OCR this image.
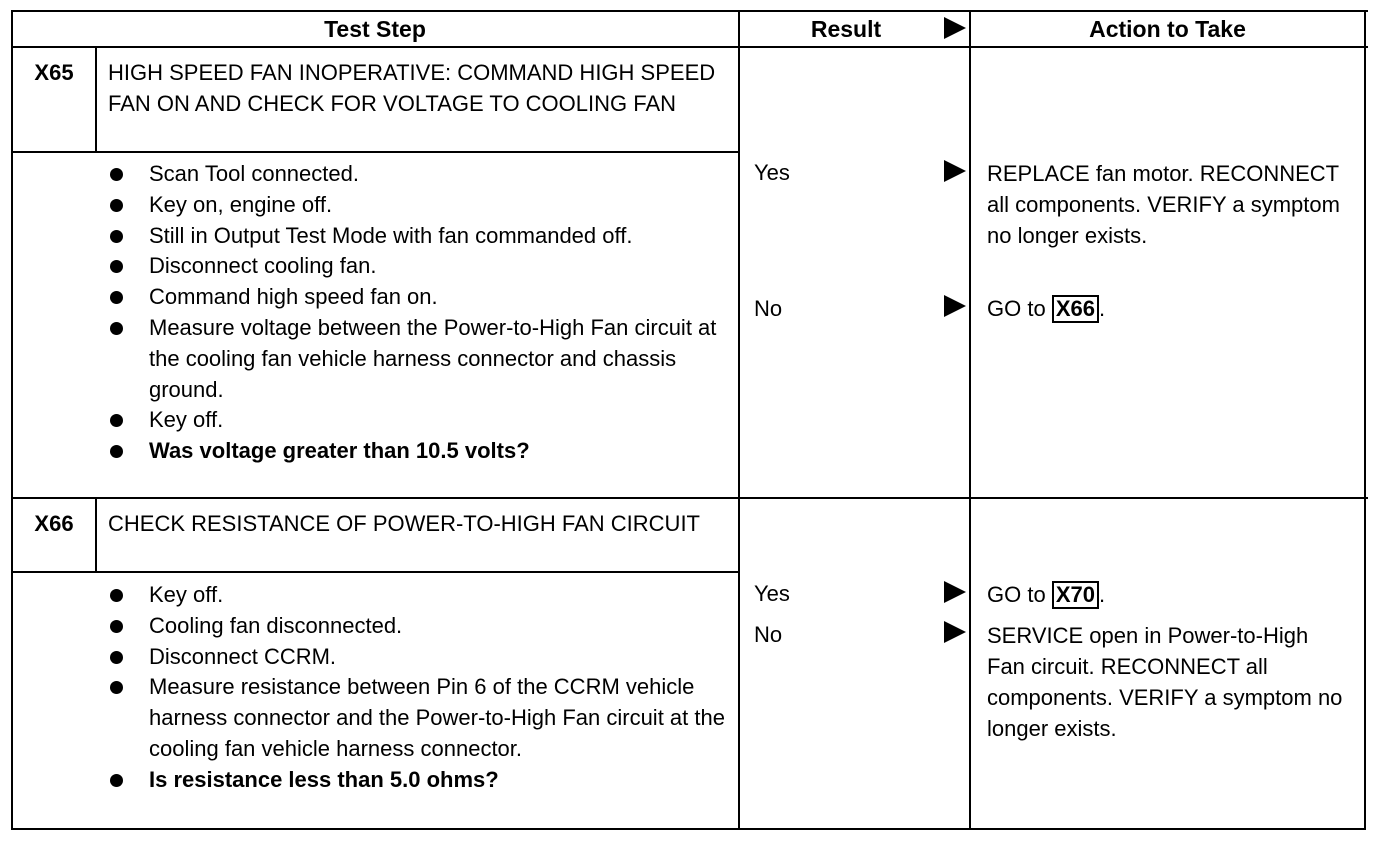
Test Step	Result	Action to Take
X65	HIGH SPEED FAN INOPERATIVE: COMMAND HIGH SPEED FAN ON AND CHECK FOR VOLTAGE TO COOLING FAN
Scan Tool connected.
Key on, engine off.
Still in Output Test Mode with fan commanded off.
Disconnect cooling fan.
Command high speed fan on.
Measure voltage between the Power-to-High Fan circuit at the cooling fan vehicle harness connector and chassis ground.
Key off.
Was voltage greater than 10.5 volts?
Yes	REPLACE fan motor. RECONNECT all components. VERIFY a symptom no longer exists.
No	GO to X66 .
X66	CHECK RESISTANCE OF POWER-TO-HIGH FAN CIRCUIT
Key off.
Cooling fan disconnected.
Disconnect CCRM.
Measure resistance between Pin 6 of the CCRM vehicle harness connector and the Power-to-High Fan circuit at the cooling fan vehicle harness connector.
Is resistance less than 5.0 ohms?
Yes	GO to X70 .
No	SERVICE open in Power-to-High Fan circuit. RECONNECT all components. VERIFY a symptom no longer exists.
